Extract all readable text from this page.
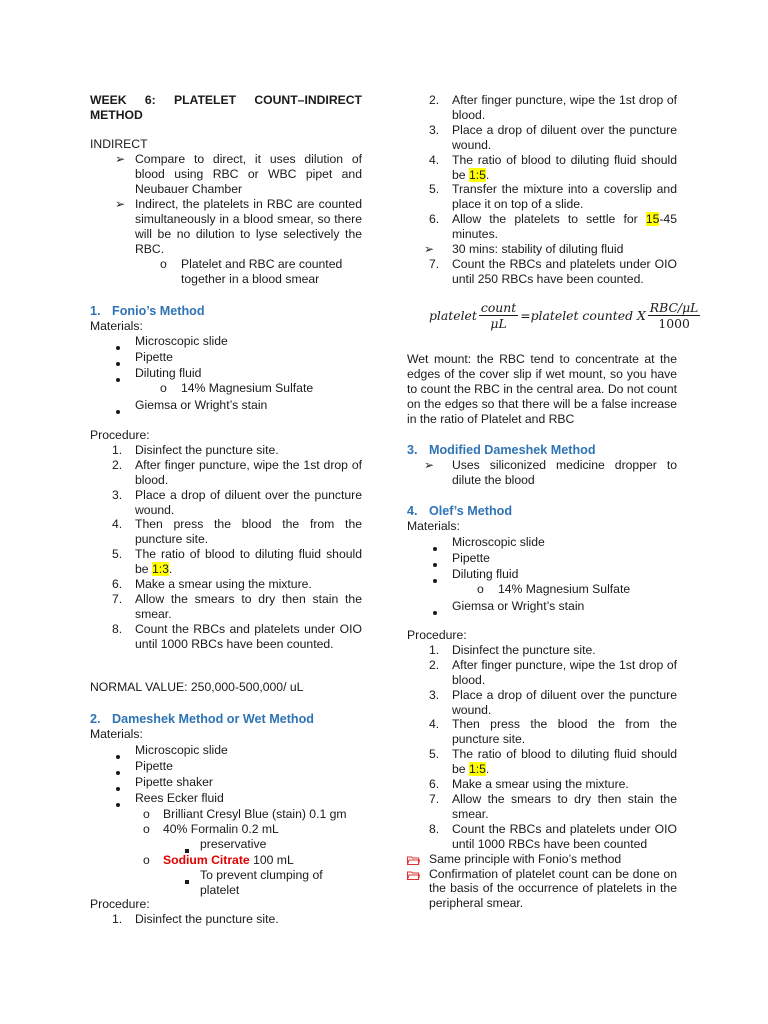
WEEK 6: PLATELET COUNT–INDIRECT METHOD
INDIRECT
➢ Compare to direct, it uses dilution of blood using RBC or WBC pipet and Neubauer Chamber
➢ Indirect, the platelets in RBC are counted simultaneously in a blood smear, so there will be no dilution to lyse selectively the RBC.
o Platelet and RBC are counted together in a blood smear
1. Fonio’s Method
Materials:
Microscopic slide
Pipette
Diluting fluid
o 14% Magnesium Sulfate
Giemsa or Wright’s stain
Procedure:
1. Disinfect the puncture site.
2. After finger puncture, wipe the 1st drop of blood.
3. Place a drop of diluent over the puncture wound.
4. Then press the blood the from the puncture site.
5. The ratio of blood to diluting fluid should be 1:3.
6. Make a smear using the mixture.
7. Allow the smears to dry then stain the smear.
8. Count the RBCs and platelets under OIO until 1000 RBCs have been counted.
NORMAL VALUE: 250,000-500,000/ uL
2. Dameshek Method or Wet Method
Materials:
Microscopic slide
Pipette
Pipette shaker
Rees Ecker fluid
o Brilliant Cresyl Blue (stain) 0.1 gm
o 40% Formalin 0.2 mL
preservative
o Sodium Citrate 100 mL
To prevent clumping of platelet
Procedure:
1. Disinfect the puncture site.
2. After finger puncture, wipe the 1st drop of blood.
3. Place a drop of diluent over the puncture wound.
4. The ratio of blood to diluting fluid should be 1:5.
5. Transfer the mixture into a coverslip and place it on top of a slide.
6. Allow the platelets to settle for 15-45 minutes.
➢ 30 mins: stability of diluting fluid
7. Count the RBCs and platelets under OIO until 250 RBCs have been counted.
platelet $\frac{\text{count}}{\mu L}$ = platelet counted X $\frac{\text{RBC/μL}}{1000}$
Wet mount: the RBC tend to concentrate at the edges of the cover slip if wet mount, so you have to count the RBC in the central area. Do not count on the edges so that there will be a false increase in the ratio of Platelet and RBC
3. Modified Dameshek Method
➢ Uses siliconized medicine dropper to dilute the blood
4. Olef’s Method
Materials:
Microscopic slide
Pipette
Diluting fluid
o 14% Magnesium Sulfate
Giemsa or Wright’s stain
Procedure:
1. Disinfect the puncture site.
2. After finger puncture, wipe the 1st drop of blood.
3. Place a drop of diluent over the puncture wound.
4. Then press the blood the from the puncture site.
5. The ratio of blood to diluting fluid should be 1:5.
6. Make a smear using the mixture.
7. Allow the smears to dry then stain the smear.
8. Count the RBCs and platelets under OIO until 1000 RBCs have been counted
Same principle with Fonio’s method
Confirmation of platelet count can be done on the basis of the occurrence of platelets in the peripheral smear.
